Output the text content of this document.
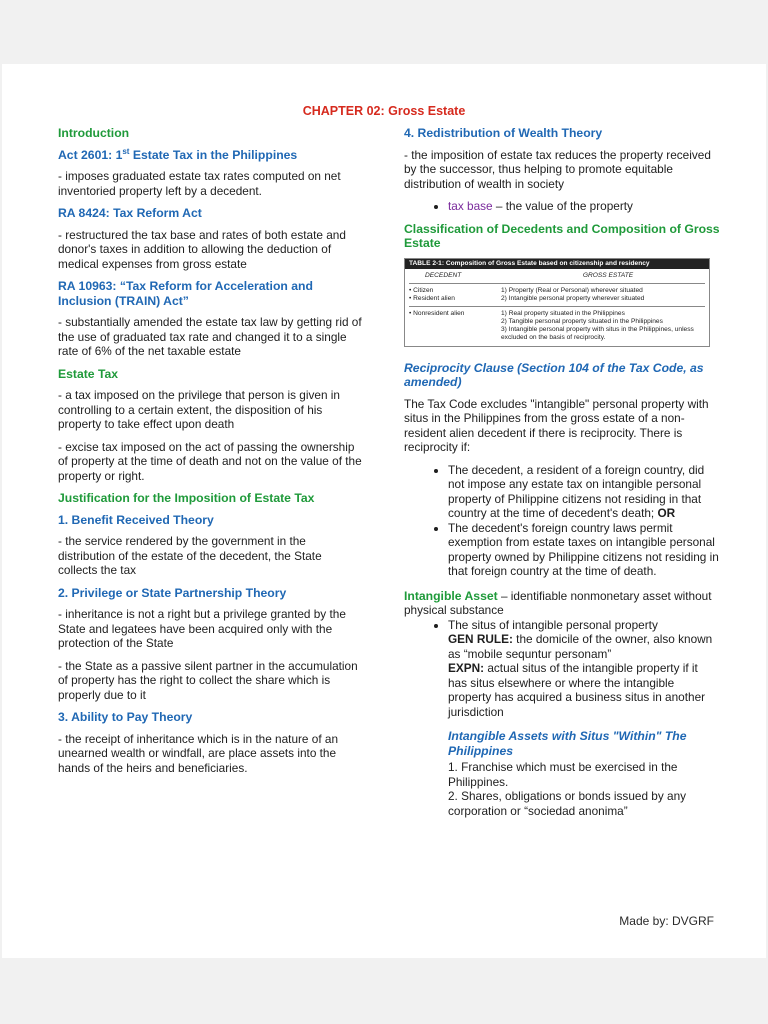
CHAPTER 02: Gross Estate
Introduction
Act 2601: 1st Estate Tax in the Philippines
- imposes graduated estate tax rates computed on net inventoried property left by a decedent.
RA 8424: Tax Reform Act
- restructured the tax base and rates of both estate and donor's taxes in addition to allowing the deduction of medical expenses from gross estate
RA 10963: “Tax Reform for Acceleration and Inclusion (TRAIN) Act”
- substantially amended the estate tax law by getting rid of the use of graduated tax rate and changed it to a single rate of 6% of the net taxable estate
Estate Tax
- a tax imposed on the privilege that person is given in controlling to a certain extent, the disposition of his property to take effect upon death
- excise tax imposed on the act of passing the ownership of property at the time of death and not on the value of the property or right.
Justification for the Imposition of Estate Tax
1. Benefit Received Theory
- the service rendered by the government in the distribution of the estate of the decedent, the State collects the tax
2. Privilege or State Partnership Theory
- inheritance is not a right but a privilege granted by the State and legatees have been acquired only with the protection of the State
- the State as a passive silent partner in the accumulation of property has the right to collect the share which is properly due to it
3. Ability to Pay Theory
- the receipt of inheritance which is in the nature of an unearned wealth or windfall, are place assets into the hands of the heirs and beneficiaries.
4. Redistribution of Wealth Theory
- the imposition of estate tax reduces the property received by the successor, thus helping to promote equitable distribution of wealth in society
• tax base – the value of the property
Classification of Decedents and Composition of Gross Estate
TABLE 2-1: Composition of Gross Estate based on citizenship and residency
DECEDENT	GROSS ESTATE
• Citizen
• Resident alien
1) Property (Real or Personal) wherever situated
2) Intangible personal property wherever situated
• Nonresident alien	1) Real property situated in the Philippines
2) Tangible personal property situated in the Philippines
3) Intangible personal property with situs in the Philippines, unless excluded on the basis of reciprocity.
Reciprocity Clause (Section 104 of the Tax Code, as amended)
The Tax Code excludes "intangible" personal property with situs in the Philippines from the gross estate of a non-resident alien decedent if there is reciprocity. There is reciprocity if:
• The decedent, a resident of a foreign country, did not impose any estate tax on intangible personal property of Philippine citizens not residing in that country at the time of decedent's death; OR
• The decedent's foreign country laws permit exemption from estate taxes on intangible personal property owned by Philippine citizens not residing in that foreign country at the time of death.
Intangible Asset – identifiable nonmonetary asset without physical substance
• The situs of intangible personal property
GEN RULE: the domicile of the owner, also known as “mobile sequntur personam”
EXPN: actual situs of the intangible property if it has situs elsewhere or where the intangible property has acquired a business situs in another jurisdiction
Intangible Assets with Situs "Within" The Philippines
1. Franchise which must be exercised in the Philippines.
2. Shares, obligations or bonds issued by any corporation or “sociedad anonima”
Made by: DVGRF
